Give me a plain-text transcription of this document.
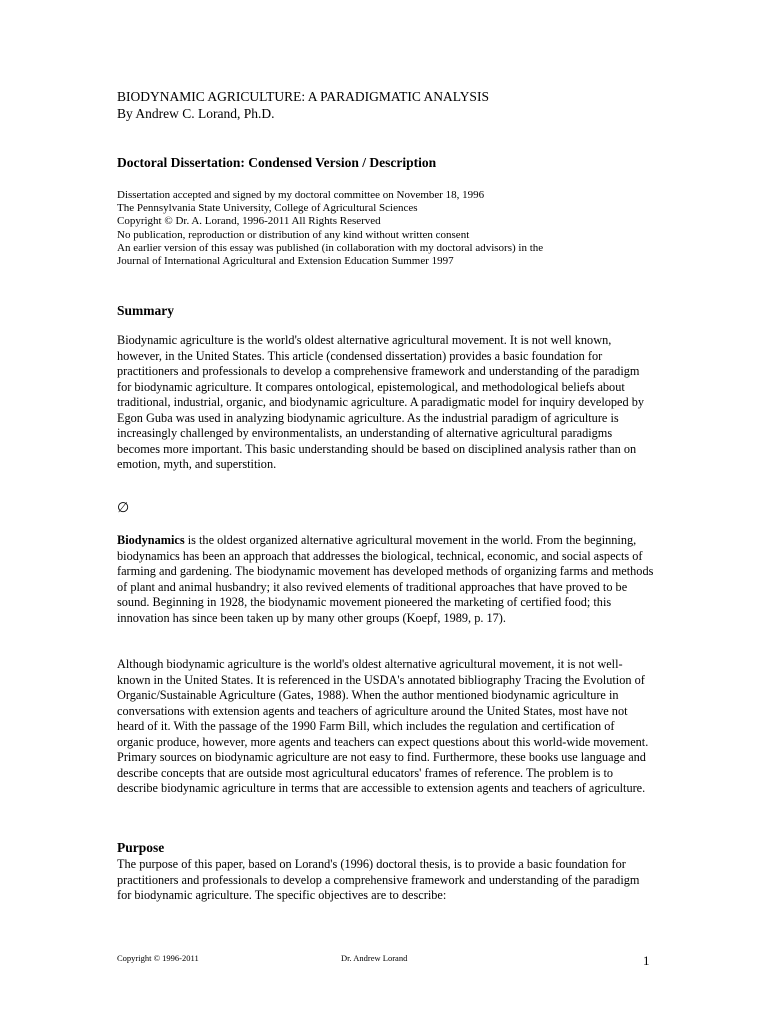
BIODYNAMIC AGRICULTURE: A PARADIGMATIC ANALYSIS
By Andrew C. Lorand, Ph.D.
Doctoral Dissertation: Condensed Version / Description
Dissertation accepted and signed by my doctoral committee on November 18, 1996
The Pennsylvania State University, College of Agricultural Sciences
Copyright © Dr. A. Lorand, 1996-2011 All Rights Reserved
No publication, reproduction or distribution of any kind without written consent
An earlier version of this essay was published (in collaboration with my doctoral advisors) in the
Journal of International Agricultural and Extension Education Summer 1997
Summary
Biodynamic agriculture is the world's oldest alternative agricultural movement. It is not well known, however, in the United States. This article (condensed dissertation) provides a basic foundation for practitioners and professionals to develop a comprehensive framework and understanding of the paradigm for biodynamic agriculture. It compares ontological, epistemological, and methodological beliefs about traditional, industrial, organic, and biodynamic agriculture. A paradigmatic model for inquiry developed by Egon Guba was used in analyzing biodynamic agriculture. As the industrial paradigm of agriculture is increasingly challenged by environmentalists, an understanding of alternative agricultural paradigms becomes more important. This basic understanding should be based on disciplined analysis rather than on emotion, myth, and superstition.
∅
Biodynamics is the oldest organized alternative agricultural movement in the world. From the beginning, biodynamics has been an approach that addresses the biological, technical, economic, and social aspects of farming and gardening. The biodynamic movement has developed methods of organizing farms and methods of plant and animal husbandry; it also revived elements of traditional approaches that have proved to be sound. Beginning in 1928, the biodynamic movement pioneered the marketing of certified food; this innovation has since been taken up by many other groups (Koepf, 1989, p. 17).
Although biodynamic agriculture is the world's oldest alternative agricultural movement, it is not well-known in the United States. It is referenced in the USDA's annotated bibliography Tracing the Evolution of Organic/Sustainable Agriculture (Gates, 1988). When the author mentioned biodynamic agriculture in conversations with extension agents and teachers of agriculture around the United States, most have not heard of it. With the passage of the 1990 Farm Bill, which includes the regulation and certification of organic produce, however, more agents and teachers can expect questions about this world-wide movement. Primary sources on biodynamic agriculture are not easy to find. Furthermore, these books use language and describe concepts that are outside most agricultural educators' frames of reference. The problem is to describe biodynamic agriculture in terms that are accessible to extension agents and teachers of agriculture.
Purpose
The purpose of this paper, based on Lorand's (1996) doctoral thesis, is to provide a basic foundation for practitioners and professionals to develop a comprehensive framework and understanding of the paradigm for biodynamic agriculture. The specific objectives are to describe:
Copyright © 1996-2011	Dr. Andrew Lorand	1
